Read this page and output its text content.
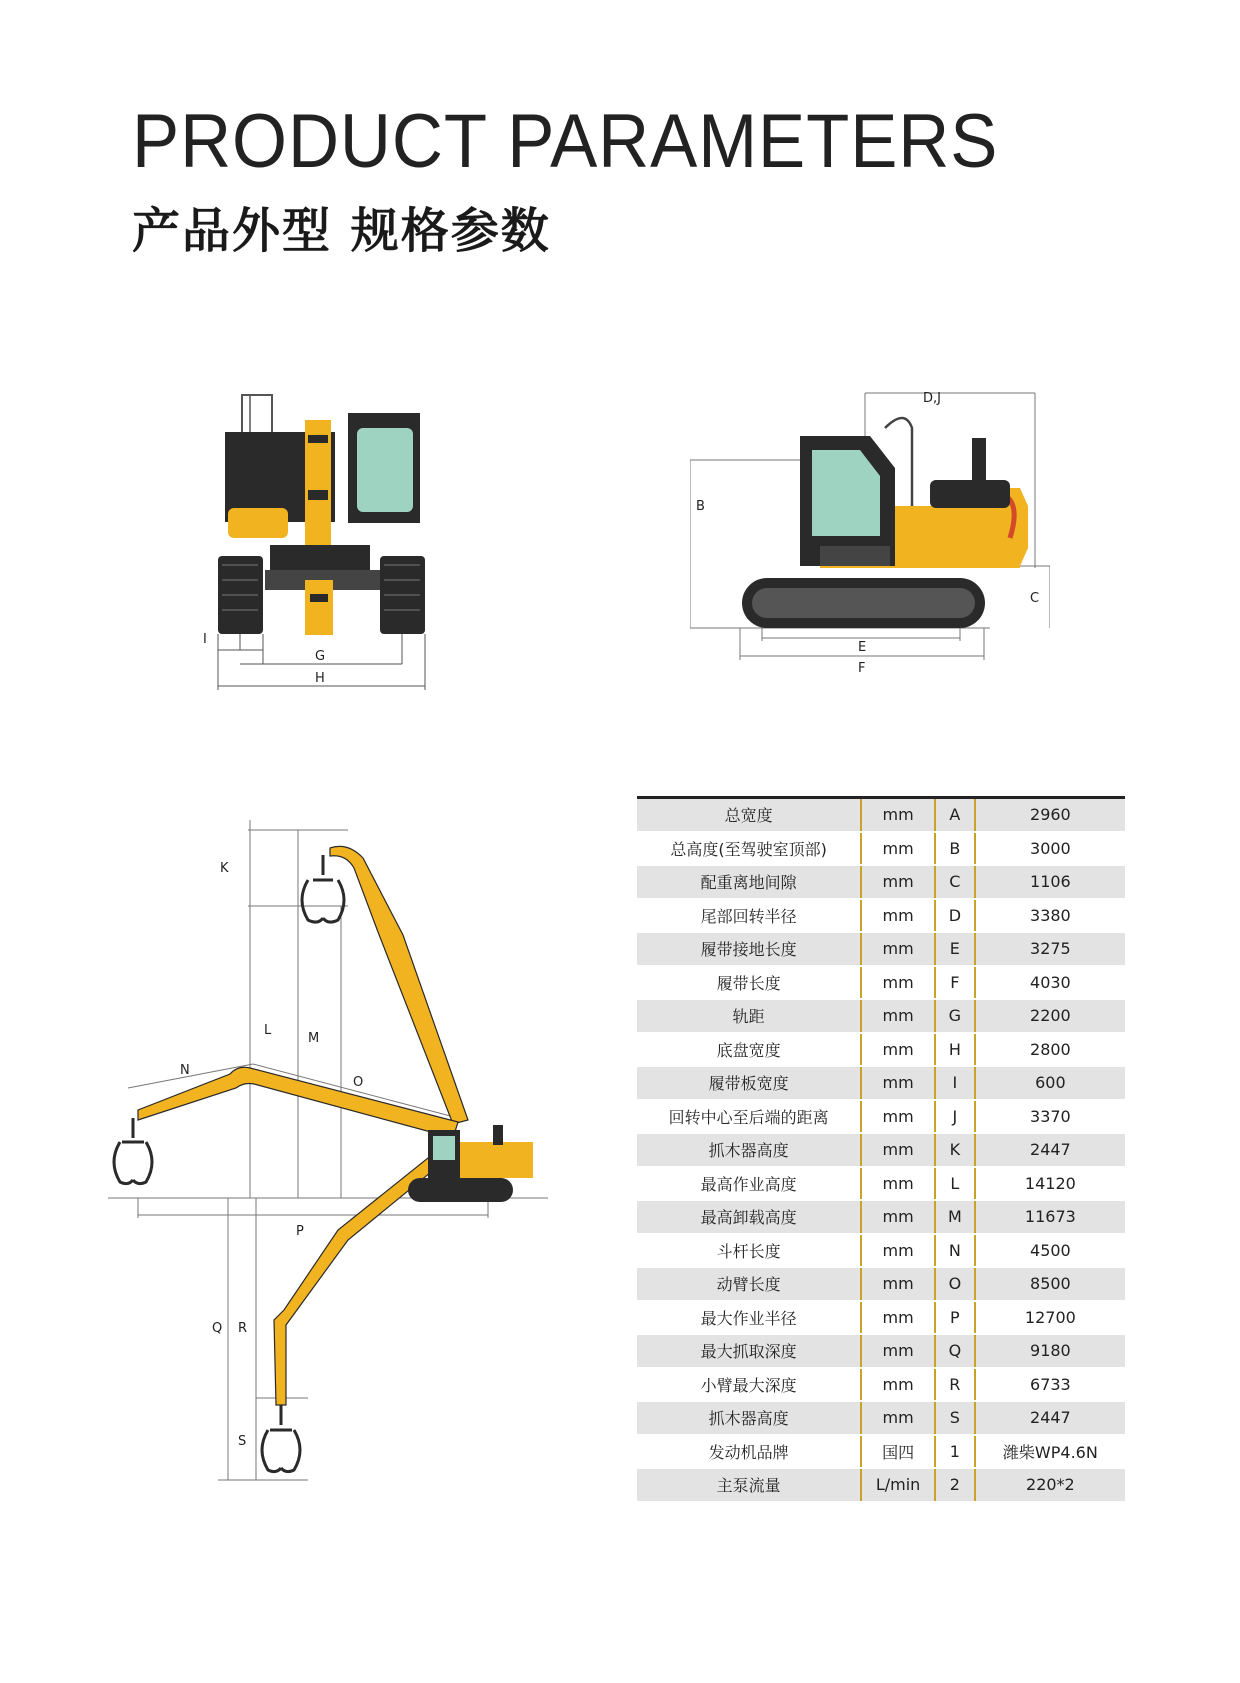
PRODUCT PARAMETERS
产品外型 规格参数
I
G
H
D,J
B
C
E
F
K
L
M
N
O
P
Q R
S
总宽度	mm	A	2960
总高度(至驾驶室顶部)	mm	B	3000
配重离地间隙	mm	C	1106
尾部回转半径	mm	D	3380
履带接地长度	mm	E	3275
履带长度	mm	F	4030
轨距	mm	G	2200
底盘宽度	mm	H	2800
履带板宽度	mm	I	600
回转中心至后端的距离	mm	J	3370
抓木器高度	mm	K	2447
最高作业高度	mm	L	14120
最高卸载高度	mm	M	11673
斗杆长度	mm	N	4500
动臂长度	mm	O	8500
最大作业半径	mm	P	12700
最大抓取深度	mm	Q	9180
小臂最大深度	mm	R	6733
抓木器高度	mm	S	2447
发动机品牌	国四	1	潍柴WP4.6N
主泵流量	L/min	2	220*2
